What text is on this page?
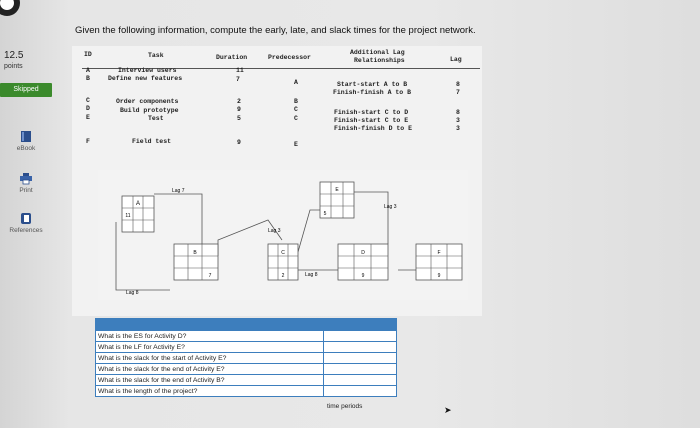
Given the following information, compute the early, late, and slack times for the project network.
12.5
points
Skipped
eBook
Print
References
ID	Task	Duration	Predecessor
Additional Lag
Relationships	Lag
A	Interview users	11
B	Define new features	7	A	Start-start A to B	8
Finish-finish A to B	7
C	Order components	2	B
D	Build prototype	9	C	Finish-start C to D	8
E	Test	5	C	Finish-start C to E	3
Finish-finish D to E	3
F	Field test	9	E
A
11
B
7
C
2
E
5
D
9
F
9
Lag 7
Lag 8
Lag 3
Lag 8
Lag 3

What is the ES for Activity D?	
What is the LF for Activity E?	
What is the slack for the start of Activity E?	
What is the slack for the end of Activity E?	
What is the slack for the end of Activity B?	
What is the length of the project?	
time periods	➤
